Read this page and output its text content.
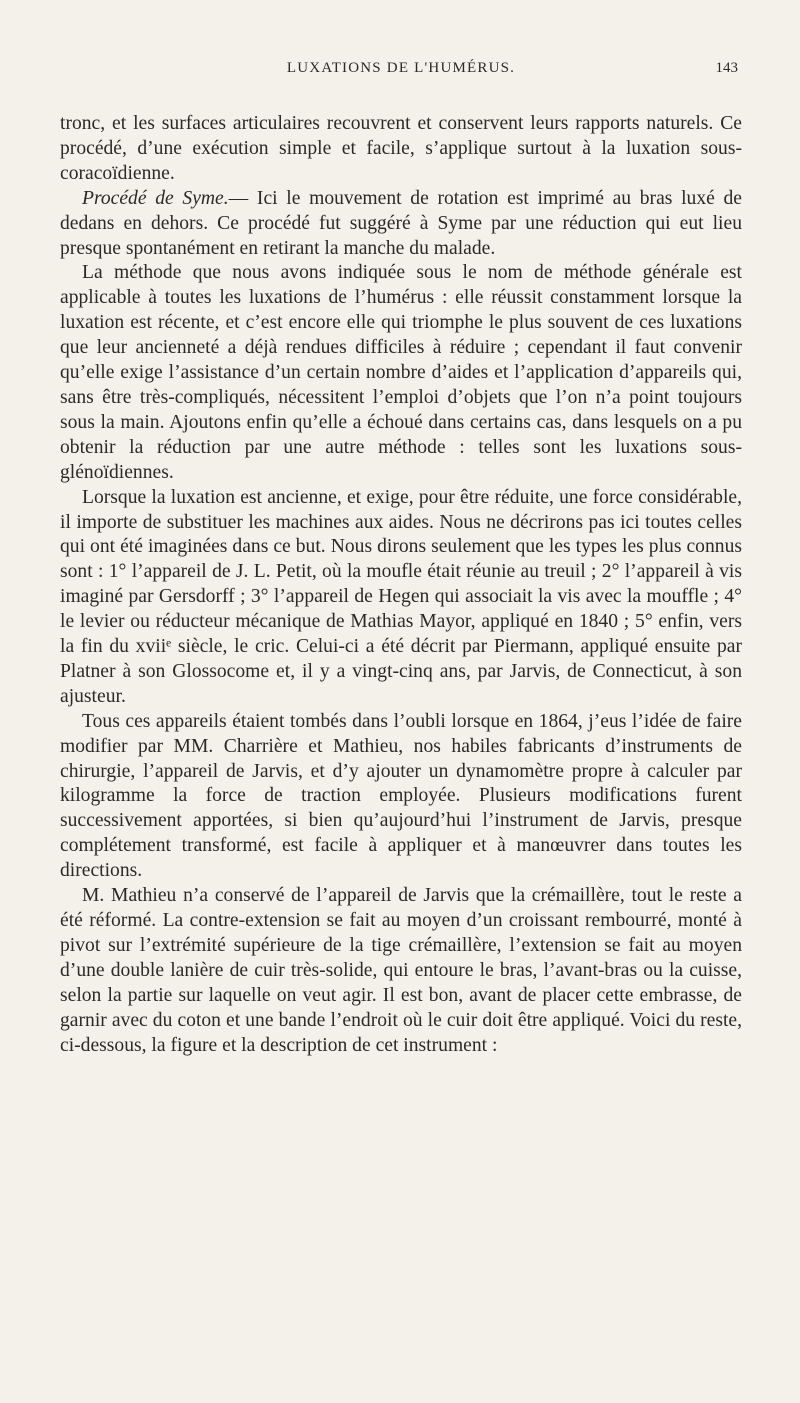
LUXATIONS DE L'HUMÉRUS.	143

tronc, et les surfaces articulaires recouvrent et conservent leurs rapports naturels. Ce procédé, d’une exécution simple et facile, s’applique surtout à la luxation sous-coracoïdienne.

Procédé de Syme.— Ici le mouvement de rotation est imprimé au bras luxé de dedans en dehors. Ce procédé fut suggéré à Syme par une réduction qui eut lieu presque spontanément en retirant la manche du malade.

La méthode que nous avons indiquée sous le nom de méthode générale est applicable à toutes les luxations de l’humérus : elle réussit constamment lorsque la luxation est récente, et c’est encore elle qui triomphe le plus souvent de ces luxations que leur ancienneté a déjà rendues difficiles à réduire ; cependant il faut convenir qu’elle exige l’assistance d’un certain nombre d’aides et l’application d’appareils qui, sans être très-compliqués, nécessitent l’emploi d’objets que l’on n’a point toujours sous la main. Ajoutons enfin qu’elle a échoué dans certains cas, dans lesquels on a pu obtenir la réduction par une autre méthode : telles sont les luxations sous-glénoïdiennes.

Lorsque la luxation est ancienne, et exige, pour être réduite, une force considérable, il importe de substituer les machines aux aides. Nous ne décrirons pas ici toutes celles qui ont été imaginées dans ce but. Nous dirons seulement que les types les plus connus sont : 1° l’appareil de J. L. Petit, où la moufle était réunie au treuil ; 2° l’appareil à vis imaginé par Gersdorff ; 3° l’appareil de Hegen qui associait la vis avec la mouffle ; 4° le levier ou réducteur mécanique de Mathias Mayor, appliqué en 1840 ; 5° enfin, vers la fin du xviiᵉ siècle, le cric. Celui-ci a été décrit par Piermann, appliqué ensuite par Platner à son Glossocome et, il y a vingt-cinq ans, par Jarvis, de Connecticut, à son ajusteur.

Tous ces appareils étaient tombés dans l’oubli lorsque en 1864, j’eus l’idée de faire modifier par MM. Charrière et Mathieu, nos habiles fabricants d’instruments de chirurgie, l’appareil de Jarvis, et d’y ajouter un dynamomètre propre à calculer par kilogramme la force de traction employée. Plusieurs modifications furent successivement apportées, si bien qu’aujourd’hui l’instrument de Jarvis, presque complétement transformé, est facile à appliquer et à manœuvrer dans toutes les directions.

M. Mathieu n’a conservé de l’appareil de Jarvis que la crémaillère, tout le reste a été réformé. La contre-extension se fait au moyen d’un croissant rembourré, monté à pivot sur l’extrémité supérieure de la tige crémaillère, l’extension se fait au moyen d’une double lanière de cuir très-solide, qui entoure le bras, l’avant-bras ou la cuisse, selon la partie sur laquelle on veut agir. Il est bon, avant de placer cette embrasse, de garnir avec du coton et une bande l’endroit où le cuir doit être appliqué. Voici du reste, ci-dessous, la figure et la description de cet instrument :
